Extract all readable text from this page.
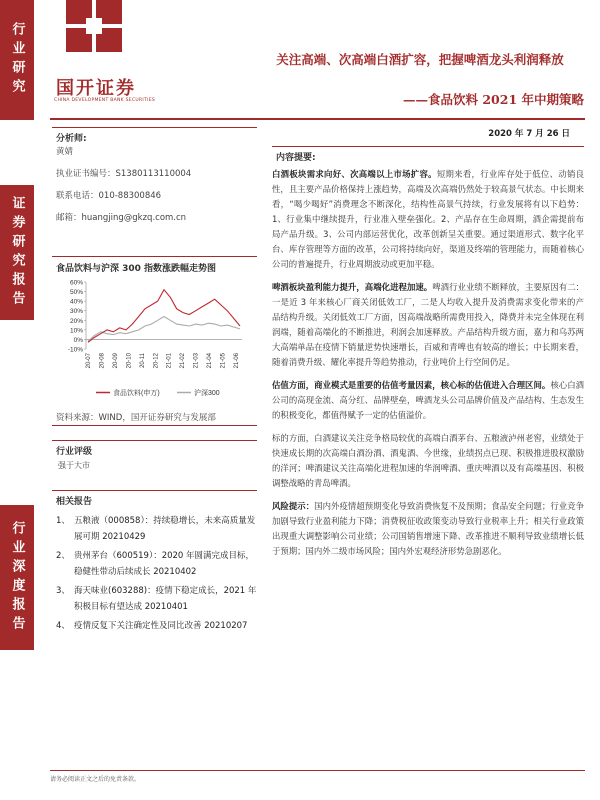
行业研究
证券研究报告
行业深度报告
国开证券
CHINA DEVELOPMENT BANK SECURITIES
关注高端、次高端白酒扩容，把握啤酒龙头利润释放
——食品饮料 2021 年中期策略
分析师:
黄婧
执业证书编号：S1380113110004
联系电话：010-88300846
邮箱：huangjing@gkzq.com.cn
食品饮料与沪深 300 指数涨跌幅走势图
60%
50%
40%
30%
20%
10%
0%
-10%
20-07 20-08 20-09 20-10 20-11 20-12 21-01 21-02 21-03 21-04 21-05 21-06
食品饮料(申万)	沪深300
资料来源：WIND，国开证券研究与发展部
行业评级
强于大市
相关报告
1、 五粮液（000858）：持续稳增长，未来高质量发展可期 20210429
2、 贵州茅台（600519）：2020 年圆满完成目标，稳健性带动后续成长 20210402
3、 海天味业(603288)：疫情下稳定成长，2021 年积极目标有望达成 20210401
4、 疫情反复下关注确定性及同比改善 20210207
2020 年 7 月 26 日
内容提要:

白酒板块需求向好、次高端以上市场扩容。短期来看，行业库存处于低位、动销良性，且主要产品价格保持上涨趋势，高端及次高端仍然处于较高景气状态。中长期来看，“喝少喝好”消费理念不断深化，结构性高景气持续，行业发展将有以下趋势：1、行业集中继续提升，行业准入壁垒强化。2、产品存在生命周期，酒企需提前布局产品升级。3、公司内部运营优化，改革创新呈关重要。通过渠道形式、数字化平台、库存管理等方面的改革，公司将持续向好，渠道及终端的管理能力，而随着核心公司的普遍提升，行业周期波动或更加平稳。

啤酒板块盈利能力提升，高端化进程加速。啤酒行业业绩不断释放，主要原因有二：一是近 3 年来核心厂商关闭低效工厂，二是人均收入提升及消费需求变化带来的产品结构升级。关闭低效工厂方面，因高端战略所需费用投入，降费并未完全体现在利润端，随着高端化的不断推进，利润会加速释放。产品结构升级方面，嘉力和乌苏两大高端单品在疫情下销量逆势快速增长，百威和青啤也有较高的增长；中长期来看，随着消费升级、耀化率提升等趋势推动，行业吨价上行空间仍足。

估值方面，商业模式是重要的估值考量因素，核心标的估值进入合理区间。核心白酒公司的高现金流、高分红、品牌壁垒，啤酒龙头公司品牌价值及产品结构、生态发生的积极变化，都值得赋予一定的估值溢价。

标的方面，白酒建议关注竞争格局较优的高端白酒茅台、五粮液泸州老窖，业绩处于快速成长期的次高端白酒汾酒、酒鬼酒、今世缘，业绩拐点已现、积极推进股权激励的洋河；啤酒建议关注高端化进程加速的华润啤酒、重庆啤酒以及有高端基因、积极调整战略的青岛啤酒。

风险提示：国内外疫情超预期变化导致消费恢复不及预期；食品安全问题；行业竞争加剧导致行业盈利能力下降；消费税征收政策变动导致行业税率上升；相关行业政策出现重大调整影响公司业绩；公司国销售增速下降、改革推进不顺利导致业绩增长低于预期；国内外二级市场风险；国内外宏观经济形势急剧恶化。

请务必阅读正文之后的免责条款。
